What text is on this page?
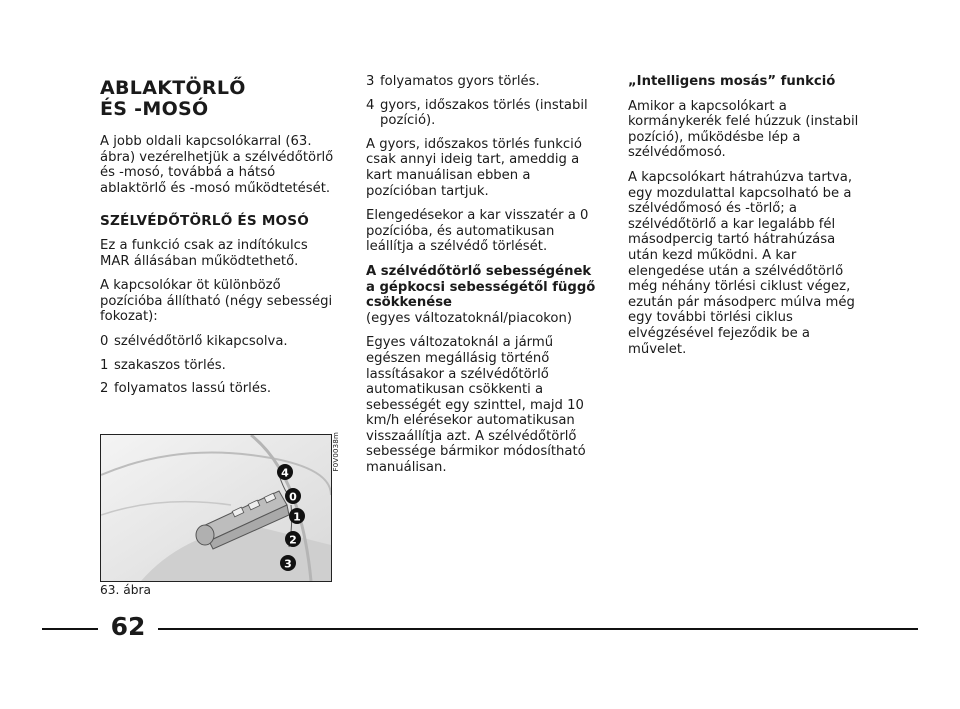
ABLAKTÖRLŐ
ÉS -MOSÓ

A jobb oldali kapcsolókarral (63. ábra) vezérelhetjük a szélvédőtörlő és -mosó, továbbá a hátsó ablaktörlő és -mosó működtetését.

SZÉLVÉDŐTÖRLŐ ÉS MOSÓ

Ez a funkció csak az indítókulcs MAR állásában működtethető.

A kapcsolókar öt különböző pozícióba állítható (négy sebességi fokozat):

0 szélvédőtörlő kikapcsolva.
1 szakaszos törlés.
2 folyamatos lassú törlés.
3 folyamatos gyors törlés.
4 gyors, időszakos törlés (instabil pozíció).

A gyors, időszakos törlés funkció csak annyi ideig tart, ameddig a kart manuálisan ebben a pozícióban tartjuk.

Elengedésekor a kar visszatér a 0 pozícióba, és automatikusan leállítja a szélvédő törlését.

A szélvédőtörlő sebességének a gépkocsi sebességétől függő csökkenése

(egyes változatoknál/piacokon)

Egyes változatoknál a jármű egészen megállásig történő lassításakor a szélvédőtörlő automatikusan csökkenti a sebességét egy szinttel, majd 10 km/h elérésekor automatikusan visszaállítja azt. A szélvédőtörlő sebessége bármikor módosítható manuálisan.

„Intelligens mosás” funkció

Amikor a kapcsolókart a kormánykerék felé húzzuk (instabil pozíció), működésbe lép a szélvédőmosó.

A kapcsolókart hátrahúzva tartva, egy mozdulattal kapcsolható be a szélvédőmosó és -törlő; a szélvédőtörlő a kar legalább fél másodpercig tartó hátrahúzása után kezd működni. A kar elengedése után a szélvédőtörlő még néhány törlési ciklust végez, ezután pár másodperc múlva még egy további törlési ciklus elvégzésével fejeződik be a művelet.

4
0
1
2
3
F0V0038m
63. ábra
62
